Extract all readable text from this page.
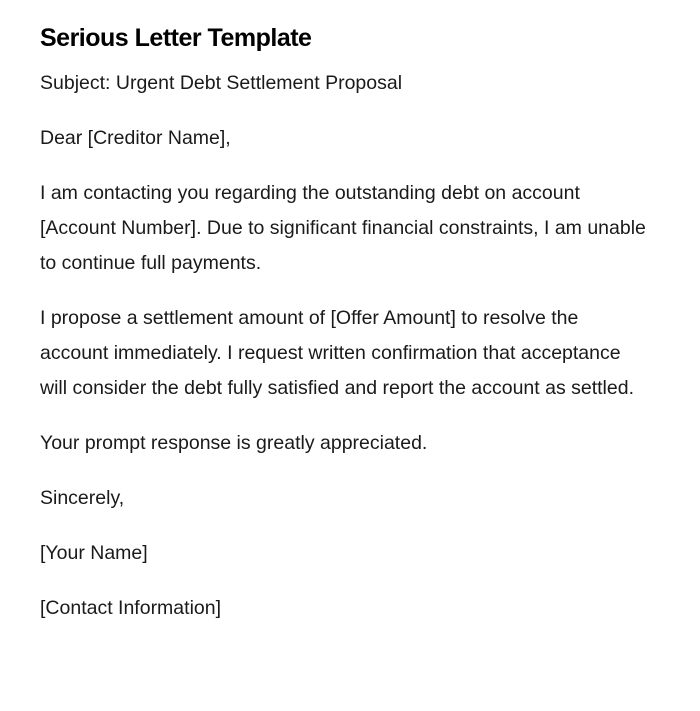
Serious Letter Template

Subject: Urgent Debt Settlement Proposal

Dear [Creditor Name],

I am contacting you regarding the outstanding debt on account [Account Number]. Due to significant financial constraints, I am unable to continue full payments.

I propose a settlement amount of [Offer Amount] to resolve the account immediately. I request written confirmation that acceptance will consider the debt fully satisfied and report the account as settled.

Your prompt response is greatly appreciated.

Sincerely,

[Your Name]

[Contact Information]
